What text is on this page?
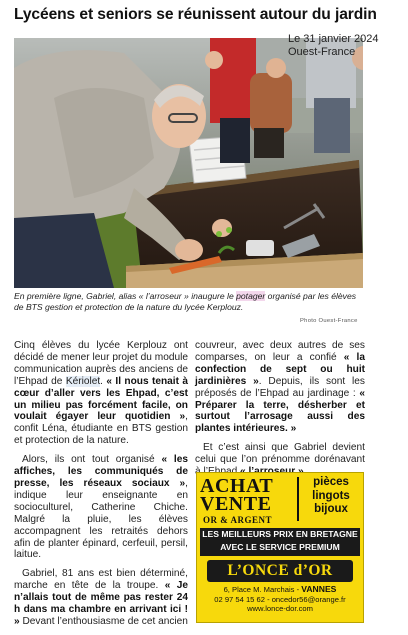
Lycéens et seniors se réunissent autour du jardin
Le 31 janvier 2024
Ouest-France
En première ligne, Gabriel, alias « l’arroseur » inaugure le potager organisé par les élèves de BTS gestion et protection de la nature du lycée Kerplouz.
Photo Ouest-France

Cinq élèves du lycée Kerplouz ont décidé de mener leur projet du module communication auprès des anciens de l’Ehpad de Kériolet. « Il nous tenait à cœur d’aller vers les Ehpad, c’est un milieu pas forcément facile, on voulait égayer leur quotidien », confit Léna, étudiante en BTS gestion et protection de la nature.

Alors, ils ont tout organisé « les affiches, les communiqués de presse, les réseaux sociaux », indique leur enseignante en socioculturel, Catherine Chiche. Malgré la pluie, les élèves accompagnent les retraités dehors afin de planter épinard, cerfeuil, persil, laitue.

Gabriel, 81 ans est bien déterminé, marche en tête de la troupe. « Je n’allais tout de même pas rester 24 h dans ma chambre en arrivant ici ! » Devant l’enthousiasme de cet ancien

couvreur, avec deux autres de ses comparses, on leur a confié « la confection de sept ou huit jardinières ». Depuis, ils sont les préposés de l’Ehpad au jardinage : « Préparer la terre, désherber et surtout l’arrosage aussi des plantes intérieures. »

Et c’est ainsi que Gabriel devient celui que l’on prénomme dorénavant

ACHAT
VENTE
OR & ARGENT
pièces
lingots
bijoux
LES MEILLEURS PRIX EN BRETAGNE
AVEC LE SERVICE PREMIUM
L’ONCE d’OR
6, Place M. Marchais - VANNES
02 97 54 15 62 - oncedor56@orange.fr
www.lonce-dor.com
